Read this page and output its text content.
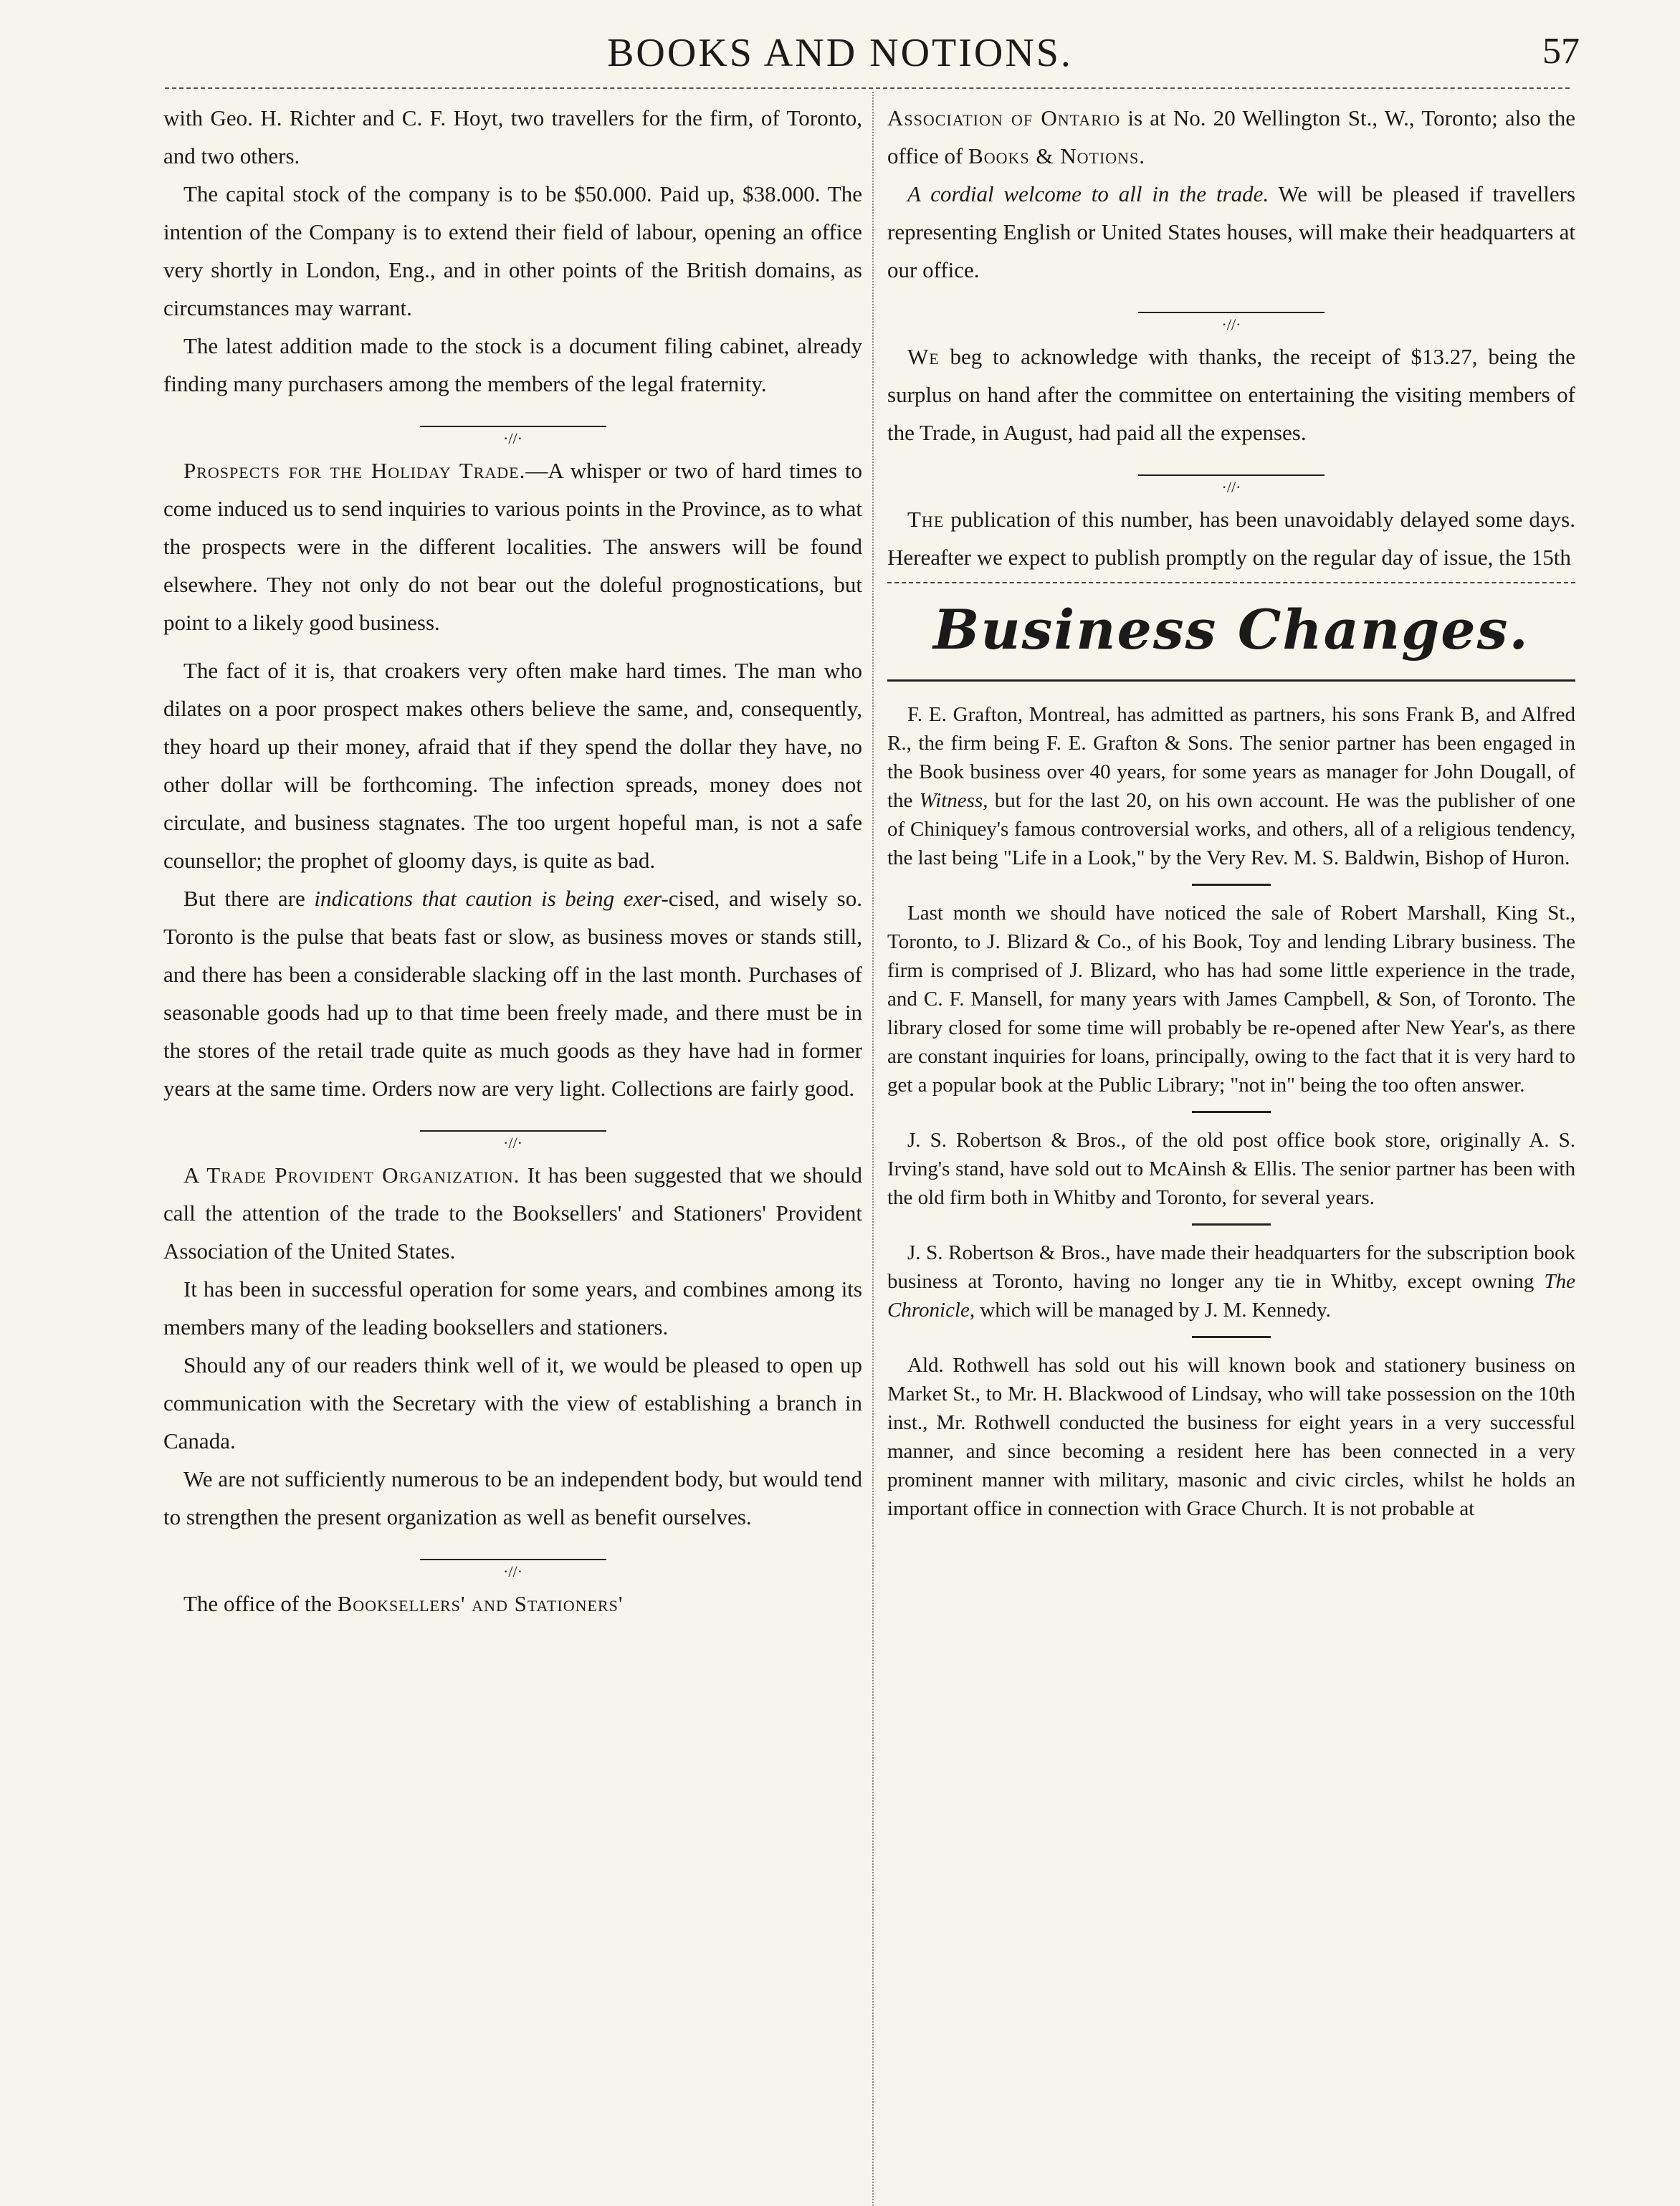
BOOKS AND NOTIONS.	57

with Geo. H. Richter and C. F. Hoyt, two travellers for the firm, of Toronto, and two others.

The capital stock of the company is to be $50.000. Paid up, $38.000. The intention of the Company is to extend their field of labour, opening an office very shortly in London, Eng., and in other points of the British domains, as circumstances may warrant.

The latest addition made to the stock is a document filing cabinet, already finding many purchasers among the members of the legal fraternity.

·//·

Prospects for the Holiday Trade.—A whisper or two of hard times to come induced us to send inquiries to various points in the Province, as to what the prospects were in the different localities. The answers will be found elsewhere. They not only do not bear out the doleful prognostications, but point to a likely good business.

The fact of it is, that croakers very often make hard times. The man who dilates on a poor prospect makes others believe the same, and, consequently, they hoard up their money, afraid that if they spend the dollar they have, no other dollar will be forthcoming. The infection spreads, money does not circulate, and business stagnates. The too urgent hopeful man, is not a safe counsellor; the prophet of gloomy days, is quite as bad.

But there are indications that caution is being exer-cised, and wisely so. Toronto is the pulse that beats fast or slow, as business moves or stands still, and there has been a considerable slacking off in the last month. Purchases of seasonable goods had up to that time been freely made, and there must be in the stores of the retail trade quite as much goods as they have had in former years at the same time. Orders now are very light. Collections are fairly good.

·//·

A Trade Provident Organization. It has been suggested that we should call the attention of the trade to the Booksellers' and Stationers' Provident Association of the United States.

It has been in successful operation for some years, and combines among its members many of the leading booksellers and stationers.

Should any of our readers think well of it, we would be pleased to open up communication with the Secretary with the view of establishing a branch in Canada.

We are not sufficiently numerous to be an independent body, but would tend to strengthen the present organization as well as benefit ourselves.

·//·

The office of the Booksellers' and Stationers'

Association of Ontario is at No. 20 Wellington St., W., Toronto; also the office of Books & Notions.

A cordial welcome to all in the trade. We will be pleased if travellers representing English or United States houses, will make their headquarters at our office.

·//·

We beg to acknowledge with thanks, the receipt of $13.27, being the surplus on hand after the committee on entertaining the visiting members of the Trade, in August, had paid all the expenses.

·//·

The publication of this number, has been unavoidably delayed some days. Hereafter we expect to publish promptly on the regular day of issue, the 15th

Business Changes.

F. E. Grafton, Montreal, has admitted as partners, his sons Frank B, and Alfred R., the firm being F. E. Grafton & Sons. The senior partner has been engaged in the Book business over 40 years, for some years as manager for John Dougall, of the Witness, but for the last 20, on his own account. He was the publisher of one of Chiniquey's famous controversial works, and others, all of a religious tendency, the last being "Life in a Look," by the Very Rev. M. S. Baldwin, Bishop of Huron.

Last month we should have noticed the sale of Robert Marshall, King St., Toronto, to J. Blizard & Co., of his Book, Toy and lending Library business. The firm is comprised of J. Blizard, who has had some little experience in the trade, and C. F. Mansell, for many years with James Campbell, & Son, of Toronto. The library closed for some time will probably be re-opened after New Year's, as there are constant inquiries for loans, principally, owing to the fact that it is very hard to get a popular book at the Public Library; "not in" being the too often answer.

J. S. Robertson & Bros., of the old post office book store, originally A. S. Irving's stand, have sold out to McAinsh & Ellis. The senior partner has been with the old firm both in Whitby and Toronto, for several years.

J. S. Robertson & Bros., have made their headquarters for the subscription book business at Toronto, having no longer any tie in Whitby, except owning The Chronicle, which will be managed by J. M. Kennedy.

Ald. Rothwell has sold out his will known book and stationery business on Market St., to Mr. H. Blackwood of Lindsay, who will take possession on the 10th inst., Mr. Rothwell conducted the business for eight years in a very successful manner, and since becoming a resident here has been connected in a very prominent manner with military, masonic and civic circles, whilst he holds an important office in connection with Grace Church. It is not probable at
